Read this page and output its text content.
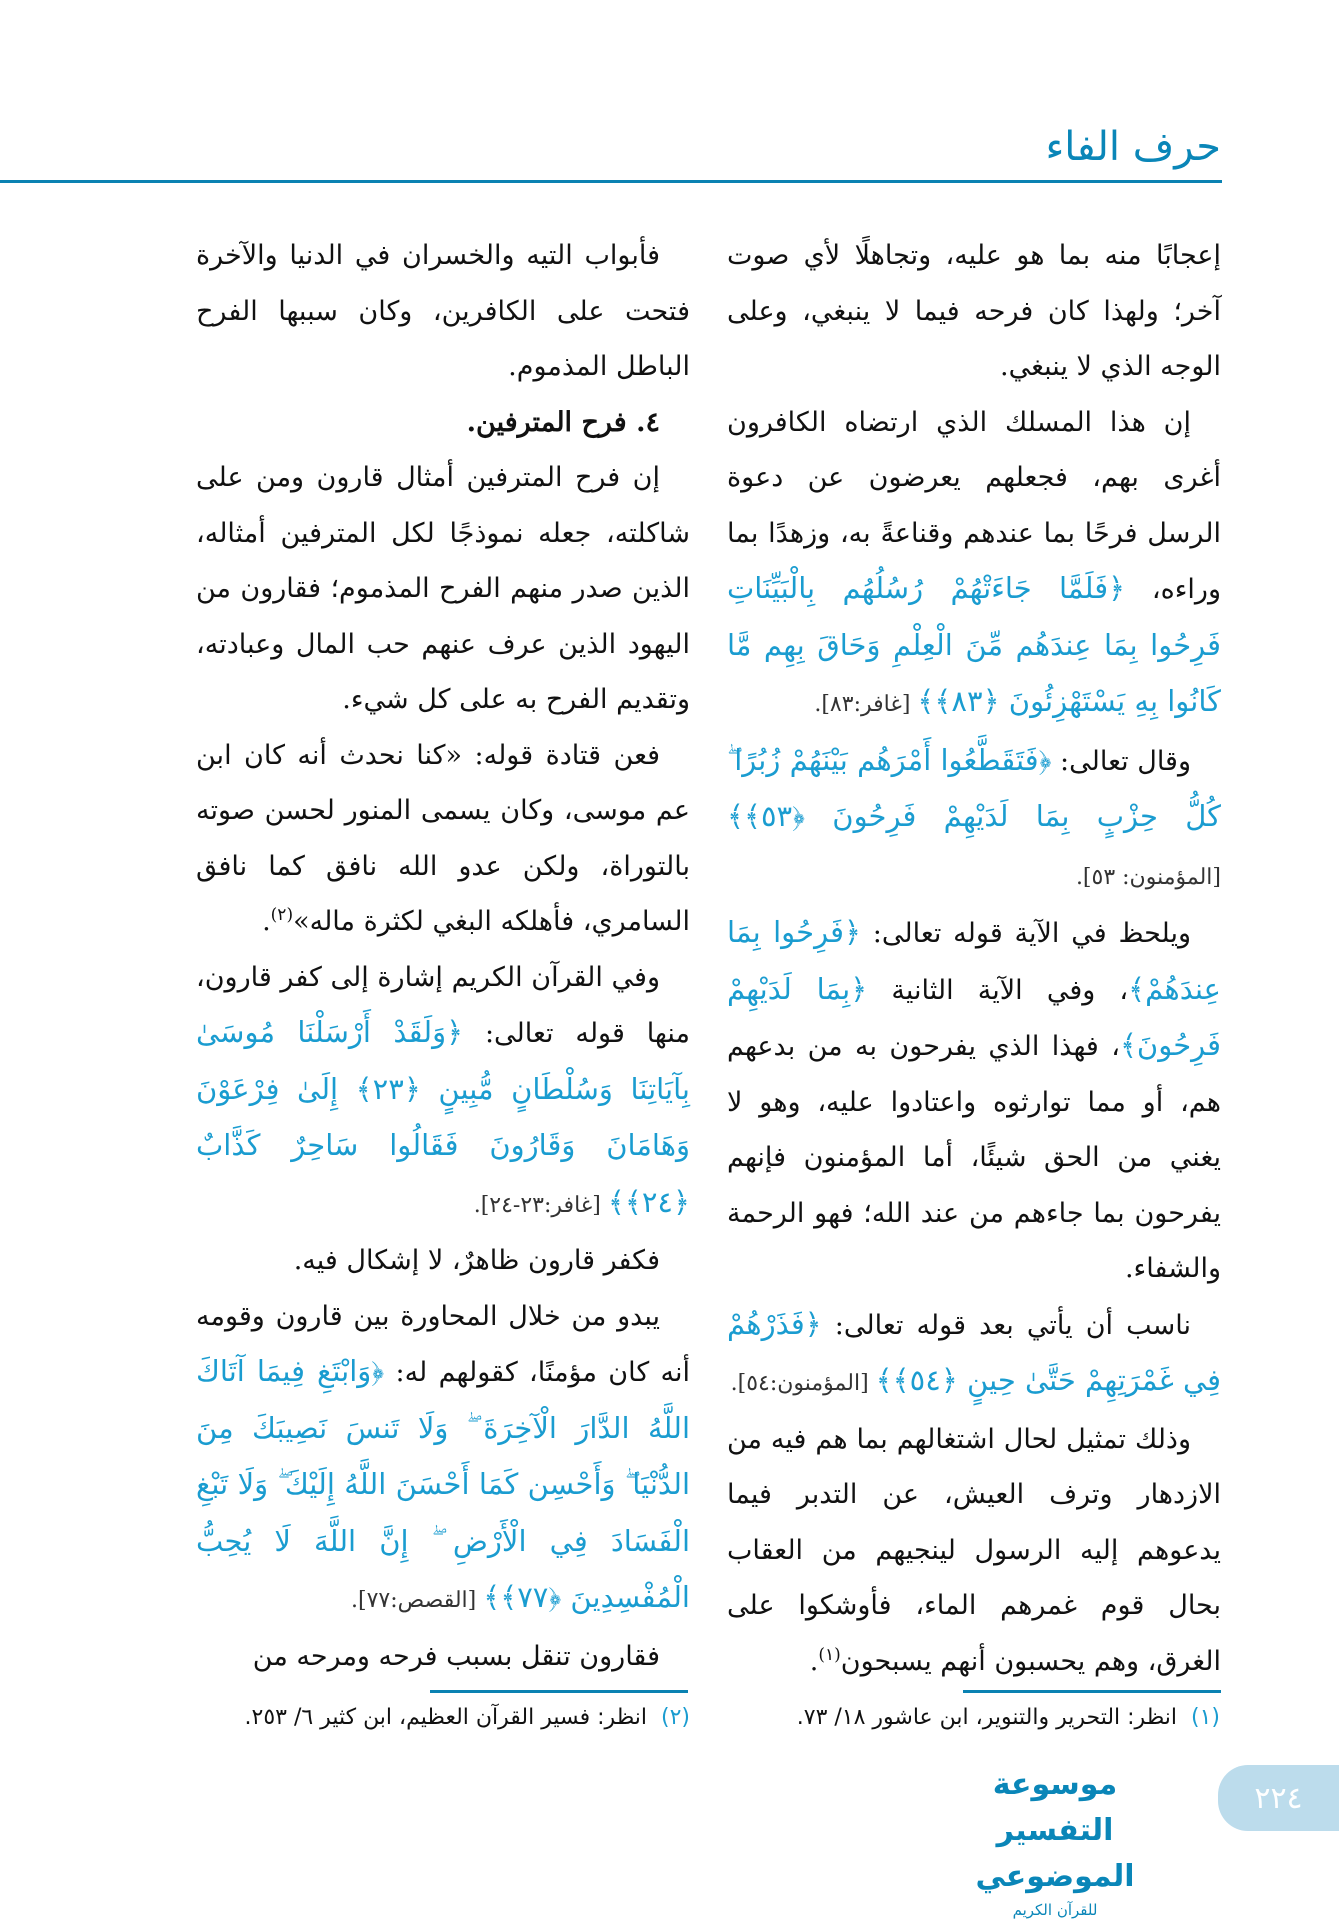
حرف الفاء

إعجابًا منه بما هو عليه، وتجاهلًا لأي صوت آخر؛ ولهذا كان فرحه فيما لا ينبغي، وعلى الوجه الذي لا ينبغي.

إن هذا المسلك الذي ارتضاه الكافرون أغرى بهم، فجعلهم يعرضون عن دعوة الرسل فرحًا بما عندهم وقناعةً به، وزهدًا بما وراءه، ﴿فَلَمَّا جَاءَتْهُمْ رُسُلُهُم بِالْبَيِّنَاتِ فَرِحُوا بِمَا عِندَهُم مِّنَ الْعِلْمِ وَحَاقَ بِهِم مَّا كَانُوا بِهِ يَسْتَهْزِئُونَ ﴿٨٣﴾﴾ [غافر:٨٣].

وقال تعالى: ﴿فَتَقَطَّعُوا أَمْرَهُم بَيْنَهُمْ زُبُرًا ۖ كُلُّ حِزْبٍ بِمَا لَدَيْهِمْ فَرِحُونَ ﴿٥٣﴾﴾ [المؤمنون: ٥٣].

ويلحظ في الآية قوله تعالى: ﴿فَرِحُوا بِمَا عِندَهُمْ﴾، وفي الآية الثانية ﴿بِمَا لَدَيْهِمْ فَرِحُونَ﴾، فهذا الذي يفرحون به من بدعهم هم، أو مما توارثوه واعتادوا عليه، وهو لا يغني من الحق شيئًا، أما المؤمنون فإنهم يفرحون بما جاءهم من عند الله؛ فهو الرحمة والشفاء.

ناسب أن يأتي بعد قوله تعالى: ﴿فَذَرْهُمْ فِي غَمْرَتِهِمْ حَتَّىٰ حِينٍ ﴿٥٤﴾﴾ [المؤمنون:٥٤].

وذلك تمثيل لحال اشتغالهم بما هم فيه من الازدهار وترف العيش، عن التدبر فيما يدعوهم إليه الرسول لينجيهم من العقاب بحال قوم غمرهم الماء، فأوشكوا على الغرق، وهم يحسبون أنهم يسبحون$^{(١)}$.

فأبواب التيه والخسران في الدنيا والآخرة فتحت على الكافرين، وكان سببها الفرح الباطل المذموم.

٤. فرح المترفين.

إن فرح المترفين أمثال قارون ومن على شاكلته، جعله نموذجًا لكل المترفين أمثاله، الذين صدر منهم الفرح المذموم؛ فقارون من اليهود الذين عرف عنهم حب المال وعبادته، وتقديم الفرح به على كل شيء.

فعن قتادة قوله: «كنا نحدث أنه كان ابن عم موسى، وكان يسمى المنور لحسن صوته بالتوراة، ولكن عدو الله نافق كما نافق السامري، فأهلكه البغي لكثرة ماله»$^{(٢)}$.

وفي القرآن الكريم إشارة إلى كفر قارون، منها قوله تعالى: ﴿وَلَقَدْ أَرْسَلْنَا مُوسَىٰ بِآيَاتِنَا وَسُلْطَانٍ مُّبِينٍ ﴿٢٣﴾ إِلَىٰ فِرْعَوْنَ وَهَامَانَ وَقَارُونَ فَقَالُوا سَاحِرٌ كَذَّابٌ ﴿٢٤﴾﴾ [غافر:٢٣-٢٤].

فكفر قارون ظاهرٌ، لا إشكال فيه.

يبدو من خلال المحاورة بين قارون وقومه أنه كان مؤمنًا، كقولهم له: ﴿وَابْتَغِ فِيمَا آتَاكَ اللَّهُ الدَّارَ الْآخِرَةَ ۖ وَلَا تَنسَ نَصِيبَكَ مِنَ الدُّنْيَا ۖ وَأَحْسِن كَمَا أَحْسَنَ اللَّهُ إِلَيْكَ ۖ وَلَا تَبْغِ الْفَسَادَ فِي الْأَرْضِ ۖ إِنَّ اللَّهَ لَا يُحِبُّ الْمُفْسِدِينَ ﴿٧٧﴾﴾ [القصص:٧٧].

فقارون تنقل بسبب فرحه ومرحه من

(١)انظر: التحرير والتنوير، ابن عاشور ١٨/ ٧٣.
(٢)انظر: فسير القرآن العظيم، ابن كثير ٦/ ٢٥٣.
موسوعة التفسير الموضوعي
للقرآن الكريم
٢٢٤
